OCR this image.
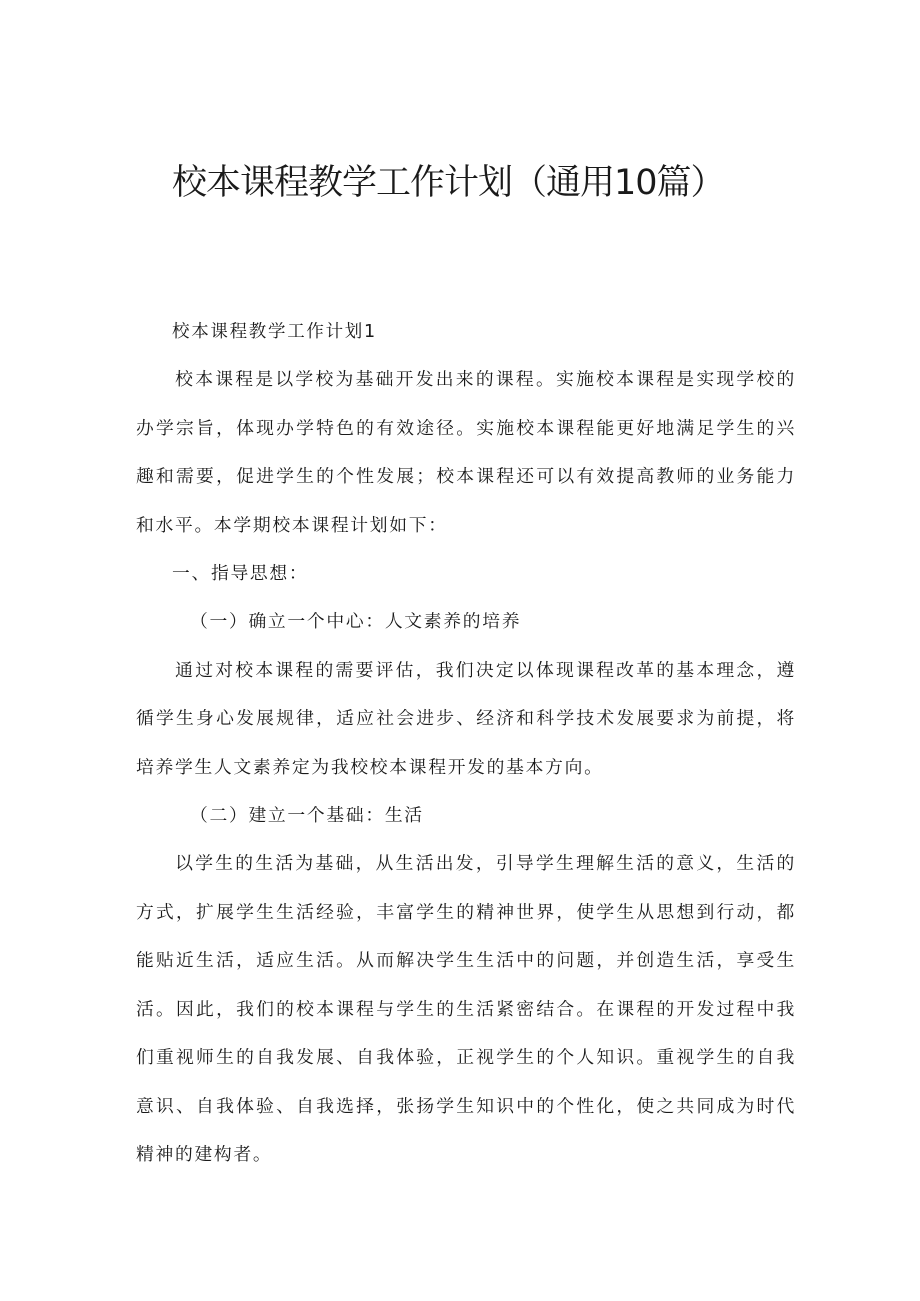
校本课程教学工作计划（通用10篇）

校本课程教学工作计划1

校本课程是以学校为基础开发出来的课程。实施校本课程是实现学校的办学宗旨，体现办学特色的有效途径。实施校本课程能更好地满足学生的兴趣和需要，促进学生的个性发展；校本课程还可以有效提高教师的业务能力和水平。本学期校本课程计划如下：

一、指导思想：

（一）确立一个中心：人文素养的培养

通过对校本课程的需要评估，我们决定以体现课程改革的基本理念，遵循学生身心发展规律，适应社会进步、经济和科学技术发展要求为前提，将培养学生人文素养定为我校校本课程开发的基本方向。

（二）建立一个基础：生活

以学生的生活为基础，从生活出发，引导学生理解生活的意义，生活的方式，扩展学生生活经验，丰富学生的精神世界，使学生从思想到行动，都能贴近生活，适应生活。从而解决学生生活中的问题，并创造生活，享受生活。因此，我们的校本课程与学生的生活紧密结合。在课程的开发过程中我们重视师生的自我发展、自我体验，正视学生的个人知识。重视学生的自我意识、自我体验、自我选择，张扬学生知识中的个性化，使之共同成为时代精神的建构者。
